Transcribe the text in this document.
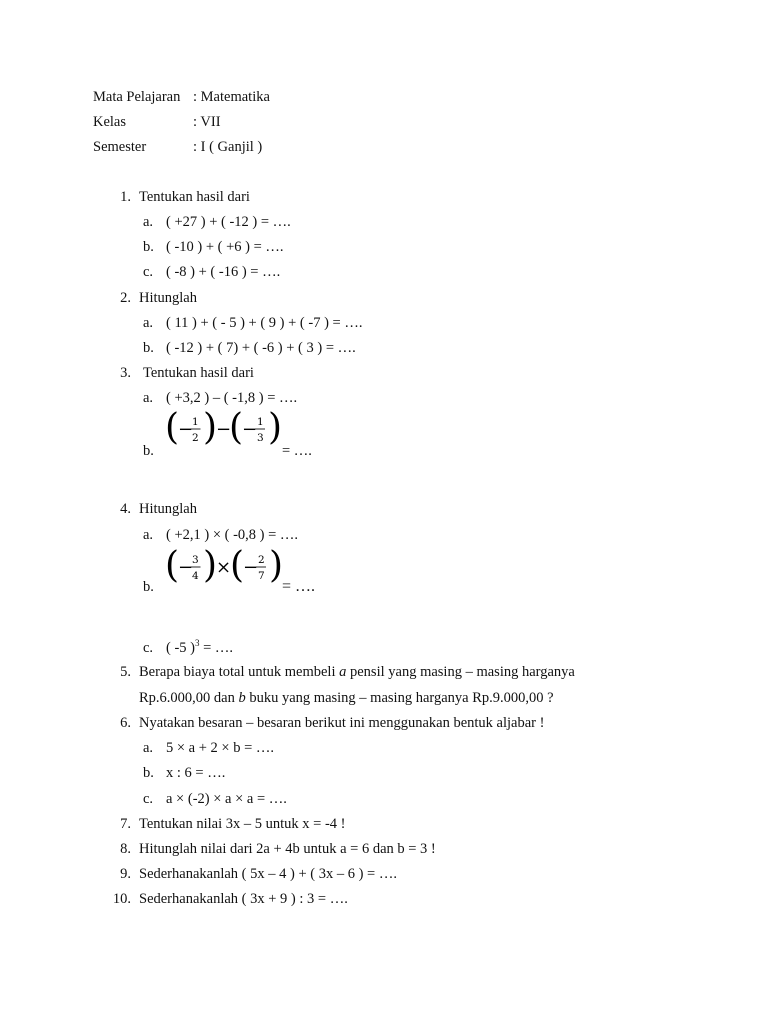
Mata Pelajaran : Matematika
Kelas	: VII
Semester	: I ( Ganjil )
1. Tentukan hasil dari
a. ( +27 ) + ( -12 ) = ….
b. ( -10 ) + ( +6 ) = ….
c. ( -8 ) + ( -16 ) = ….
2. Hitunglah
a. ( 11 ) + ( - 5 ) + ( 9 ) + ( -7 ) = ….
b. ( -12 ) + ( 7) + ( -6 ) + ( 3 ) = ….
3. Tentukan hasil dari
a. ( +3,2 ) – ( -1,8 ) = ….
b.
(
−
1
2 )
−
(
− 1
3 )
= ….
4. Hitunglah
a. ( +2,1 ) × ( -0,8 ) = ….
b.
(
−
3
4 )
×
(
− 2
7 )
= ….
c. ( -5 )$^3$ = ….
5. Berapa biaya total untuk membeli a pensil yang masing – masing harganya
Rp.6.000,00 dan b buku yang masing – masing harganya Rp.9.000,00 ?
6. Nyatakan besaran – besaran berikut ini menggunakan bentuk aljabar !
a. 5 × a + 2 × b = ….
b. x : 6 = ….
c. a × (-2) × a × a = ….
7. Tentukan nilai 3x – 5 untuk x = -4 !
8. Hitunglah nilai dari 2a + 4b untuk a = 6 dan b = 3 !
9. Sederhanakanlah ( 5x – 4 ) + ( 3x – 6 ) = ….
10. Sederhanakanlah ( 3x + 9 ) : 3 = ….
